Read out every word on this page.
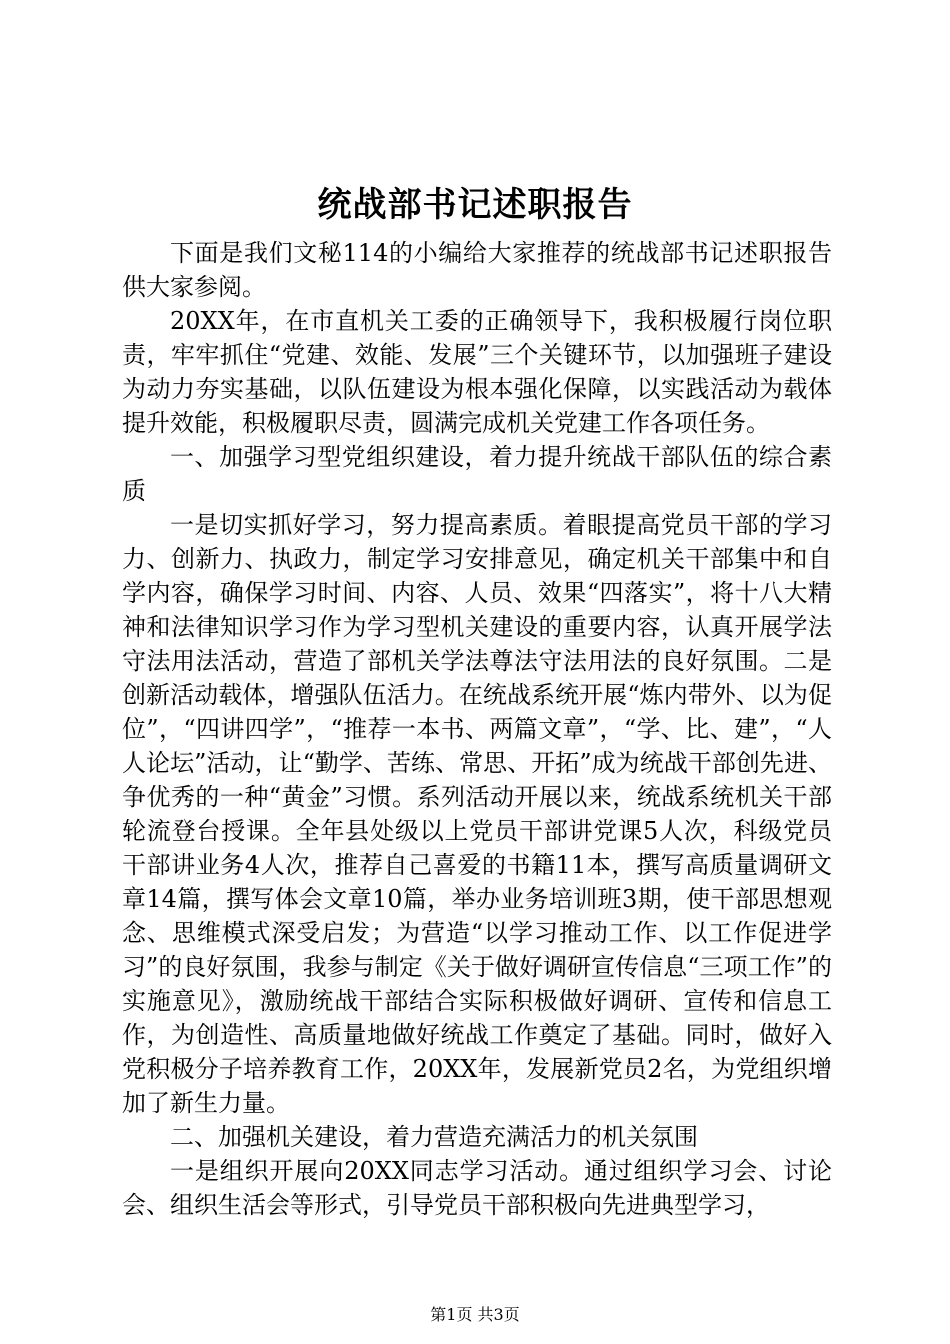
统战部书记述职报告

下面是我们文秘114的小编给大家推荐的统战部书记述职报告供大家参阅。

20XX年，在市直机关工委的正确领导下，我积极履行岗位职责，牢牢抓住“党建、效能、发展”三个关键环节，以加强班子建设为动力夯实基础，以队伍建设为根本强化保障，以实践活动为载体提升效能，积极履职尽责，圆满完成机关党建工作各项任务。

一、加强学习型党组织建设，着力提升统战干部队伍的综合素质

一是切实抓好学习，努力提高素质。着眼提高党员干部的学习力、创新力、执政力，制定学习安排意见，确定机关干部集中和自学内容，确保学习时间、内容、人员、效果“四落实”，将十八大精神和法律知识学习作为学习型机关建设的重要内容，认真开展学法守法用法活动，营造了部机关学法尊法守法用法的良好氛围。二是创新活动载体，增强队伍活力。在统战系统开展“炼内带外、以为促位”，“四讲四学”，“推荐一本书、两篇文章”，“学、比、建”，“人人论坛”活动，让“勤学、苦练、常思、开拓”成为统战干部创先进、争优秀的一种“黄金”习惯。系列活动开展以来，统战系统机关干部轮流登台授课。全年县处级以上党员干部讲党课5人次，科级党员干部讲业务4人次，推荐自己喜爱的书籍11本，撰写高质量调研文章14篇，撰写体会文章10篇，举办业务培训班3期，使干部思想观念、思维模式深受启发；为营造“以学习推动工作、以工作促进学习”的良好氛围，我参与制定《关于做好调研宣传信息“三项工作”的实施意见》，激励统战干部结合实际积极做好调研、宣传和信息工作，为创造性、高质量地做好统战工作奠定了基础。同时，做好入党积极分子培养教育工作，20XX年，发展新党员2名，为党组织增加了新生力量。

二、加强机关建设，着力营造充满活力的机关氛围

一是组织开展向20XX同志学习活动。通过组织学习会、讨论会、组织生活会等形式，引导党员干部积极向先进典型学习，

第1页 共3页
